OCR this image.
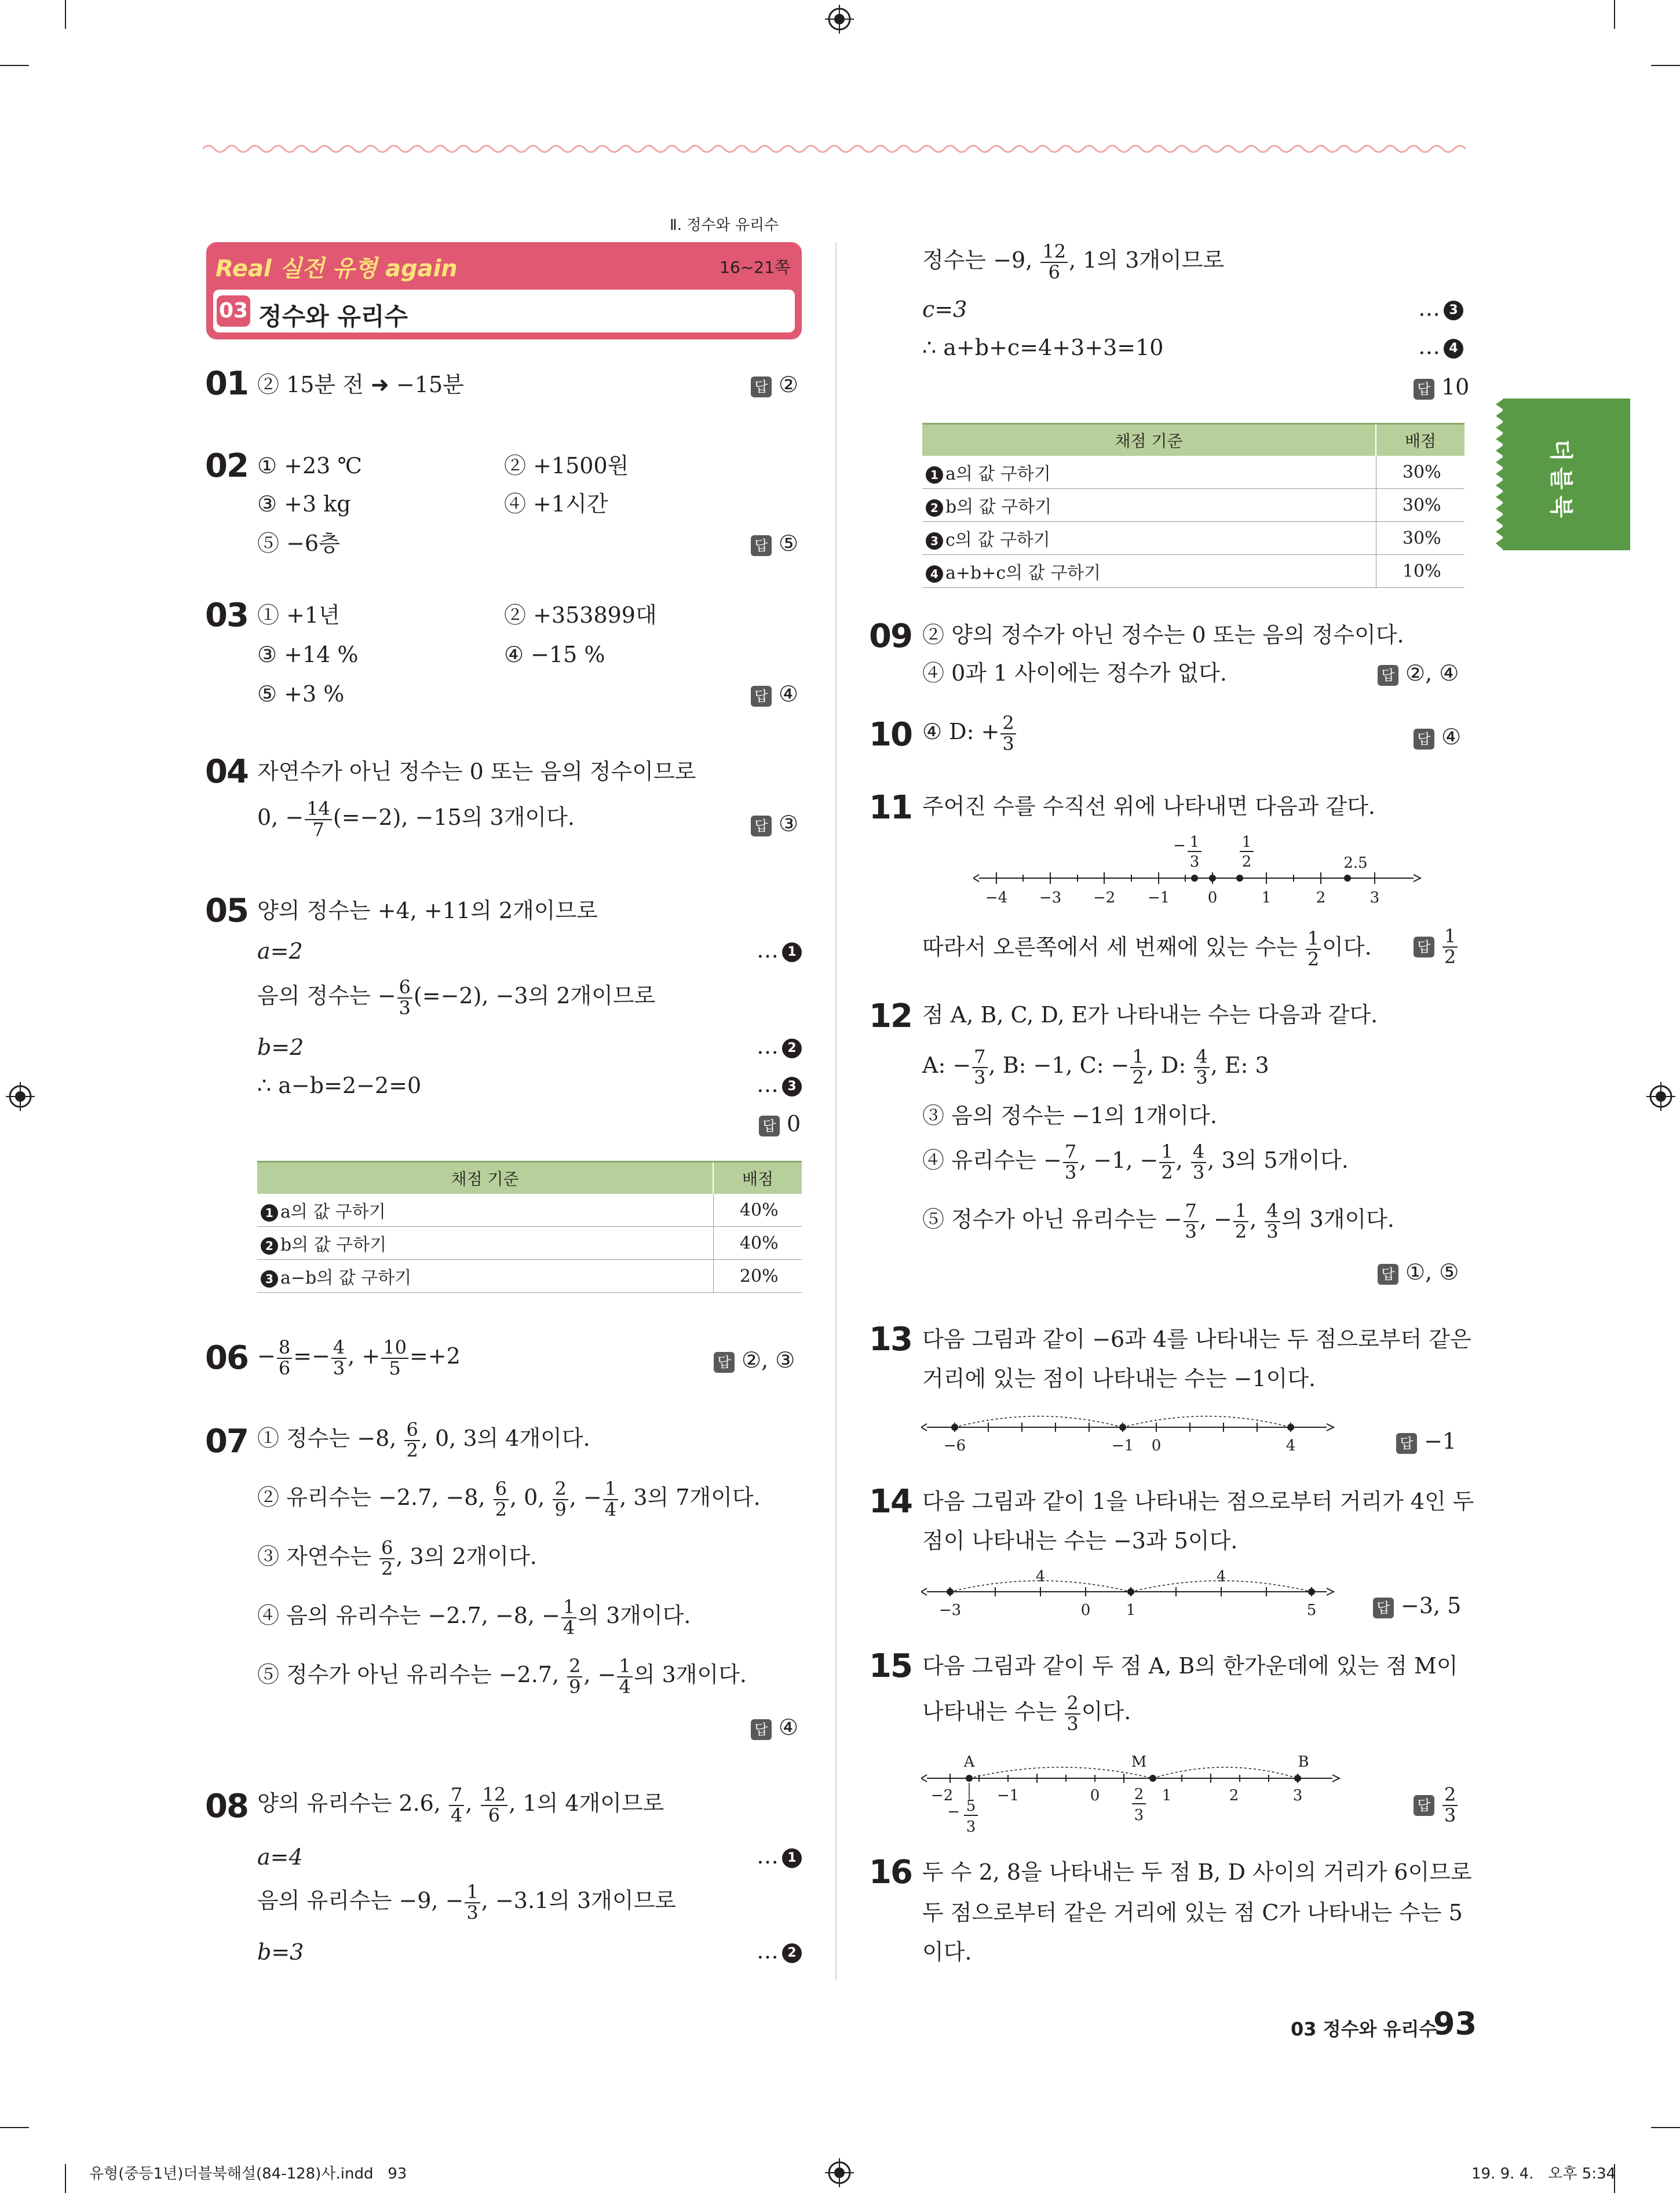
Ⅱ. 정수와 유리수
Real 실전 유형 again	16~21쪽
03 정수와 유리수
더블북
01 ② 15분 전 ➜ −15분	답 ②
02 ① +23 ℃	② +1500원
③ +3 kg	④ +1시간
⑤ −6층	답 ⑤
03 ① +1년	② +353899대
③ +14 %	④ −15 %
⑤ +3 %	답 ④
04 자연수가 아닌 정수는 0 또는 음의 정수이므로
0, − $\frac{14}{7} (=-2)$, −15의 3개이다.	답 ③
05 양의 정수는 +4, +11의 2개이므로
a=2	… 1
음의 정수는 − $\frac{6}{3} (=-2)$, −3의 2개이므로
b=2	… 2
∴ a−b=2−2=0	… 3
답 0
채점 기준	배점
1 a의 값 구하기	40%
2 b의 값 구하기	40%
3 a−b의 값 구하기	20%
$06 - \frac{8}{6} =- \frac{4}{3}$ , + $\frac{10}{5} =+2$	답 ②, ③
07 ① 정수는 −8, $\frac{6}{2}$ , 0, 3의 4개이다.
② 유리수는 −2.7, −8, $\frac{6}{2}$ , 0, $\frac{2}{9}$ , − $\frac{1}{4}$ , 3의 7개이다.
③ 자연수는 $\frac{6}{2}$ , 3의 2개이다.
④ 음의 유리수는 −2.7, −8, − $\frac{1}{4}$ 의 3개이다.
⑤ 정수가 아닌 유리수는 −2.7, $\frac{2}{9}$ , − $\frac{1}{4}$ 의 3개이다.
답 ④
08 양의 유리수는 2.6, $\frac{7}{4}$ , $\frac{12}{6}$ , 1의 4개이므로
a=4	… 1
음의 유리수는 −9, − $\frac{1}{3}$ , −3.1의 3개이므로
b=3	… 2
정수는 −9, $\frac{12}{6}$ , 1의 3개이므로
c=3	… 3
∴ a+b+c=4+3+3=10	… 4
답 10
채점 기준	배점
1 a의 값 구하기	30%
2 b의 값 구하기	30%
3 c의 값 구하기	30%
4 a+b+c의 값 구하기	10%
09 ② 양의 정수가 아닌 정수는 0 또는 음의 정수이다.
④ 0과 1 사이에는 정수가 없다.	답 ②, ④
10 ④ D: + $\frac{2}{3}$	답 ④
11 주어진 수를 수직선 위에 나타내면 다음과 같다.
−4 −3 −2 −1	0	1	2	3
− 1
3
1
2	2.5
따라서 오른쪽에서 세 번째에 있는 수는 $\frac{1}{2}$ 이다.	답 $\frac{1}{2}$
12 점 A, B, C, D, E가 나타내는 수는 다음과 같다.
A: − $\frac{7}{3}$ , B: −1, C: − $\frac{1}{2}$ , D: $\frac{4}{3}$ , E: 3
③ 음의 정수는 −1의 1개이다.
④ 유리수는 − $\frac{7}{3}$ , −1, − $\frac{1}{2}$ , $\frac{4}{3}$ , 3의 5개이다.
⑤ 정수가 아닌 유리수는 − $\frac{7}{3}$ , − $\frac{1}{2}$ , $\frac{4}{3}$ 의 3개이다.
답 ①, ⑤
13 다음 그림과 같이 −6과 4를 나타내는 두 점으로부터 같은
거리에 있는 점이 나타내는 수는 −1이다.
−6	−1 0	4	답 −1
14 다음 그림과 같이 1을 나타내는 점으로부터 거리가 4인 두
점이 나타내는 수는 −3과 5이다.
4	4
−3	0 1	5	답 −3, 5
15 다음 그림과 같이 두 점 A, B의 한가운데에 있는 점 M이
나타내는 수는 $\frac{2}{3}$ 이다.
A	M	B
−2	−1	0	1	2	3
− 5
3
2
3
답 $\frac{2}{3}$
16 두 수 2, 8을 나타내는 두 점 B, D 사이의 거리가 6이므로
두 점으로부터 같은 거리에 있는 점 C가 나타내는 수는 5
이다.
03 정수와 유리수
93
유형(중등1년)더블북해설(84-128)사.indd   93	19. 9. 4.   오후 5:34
